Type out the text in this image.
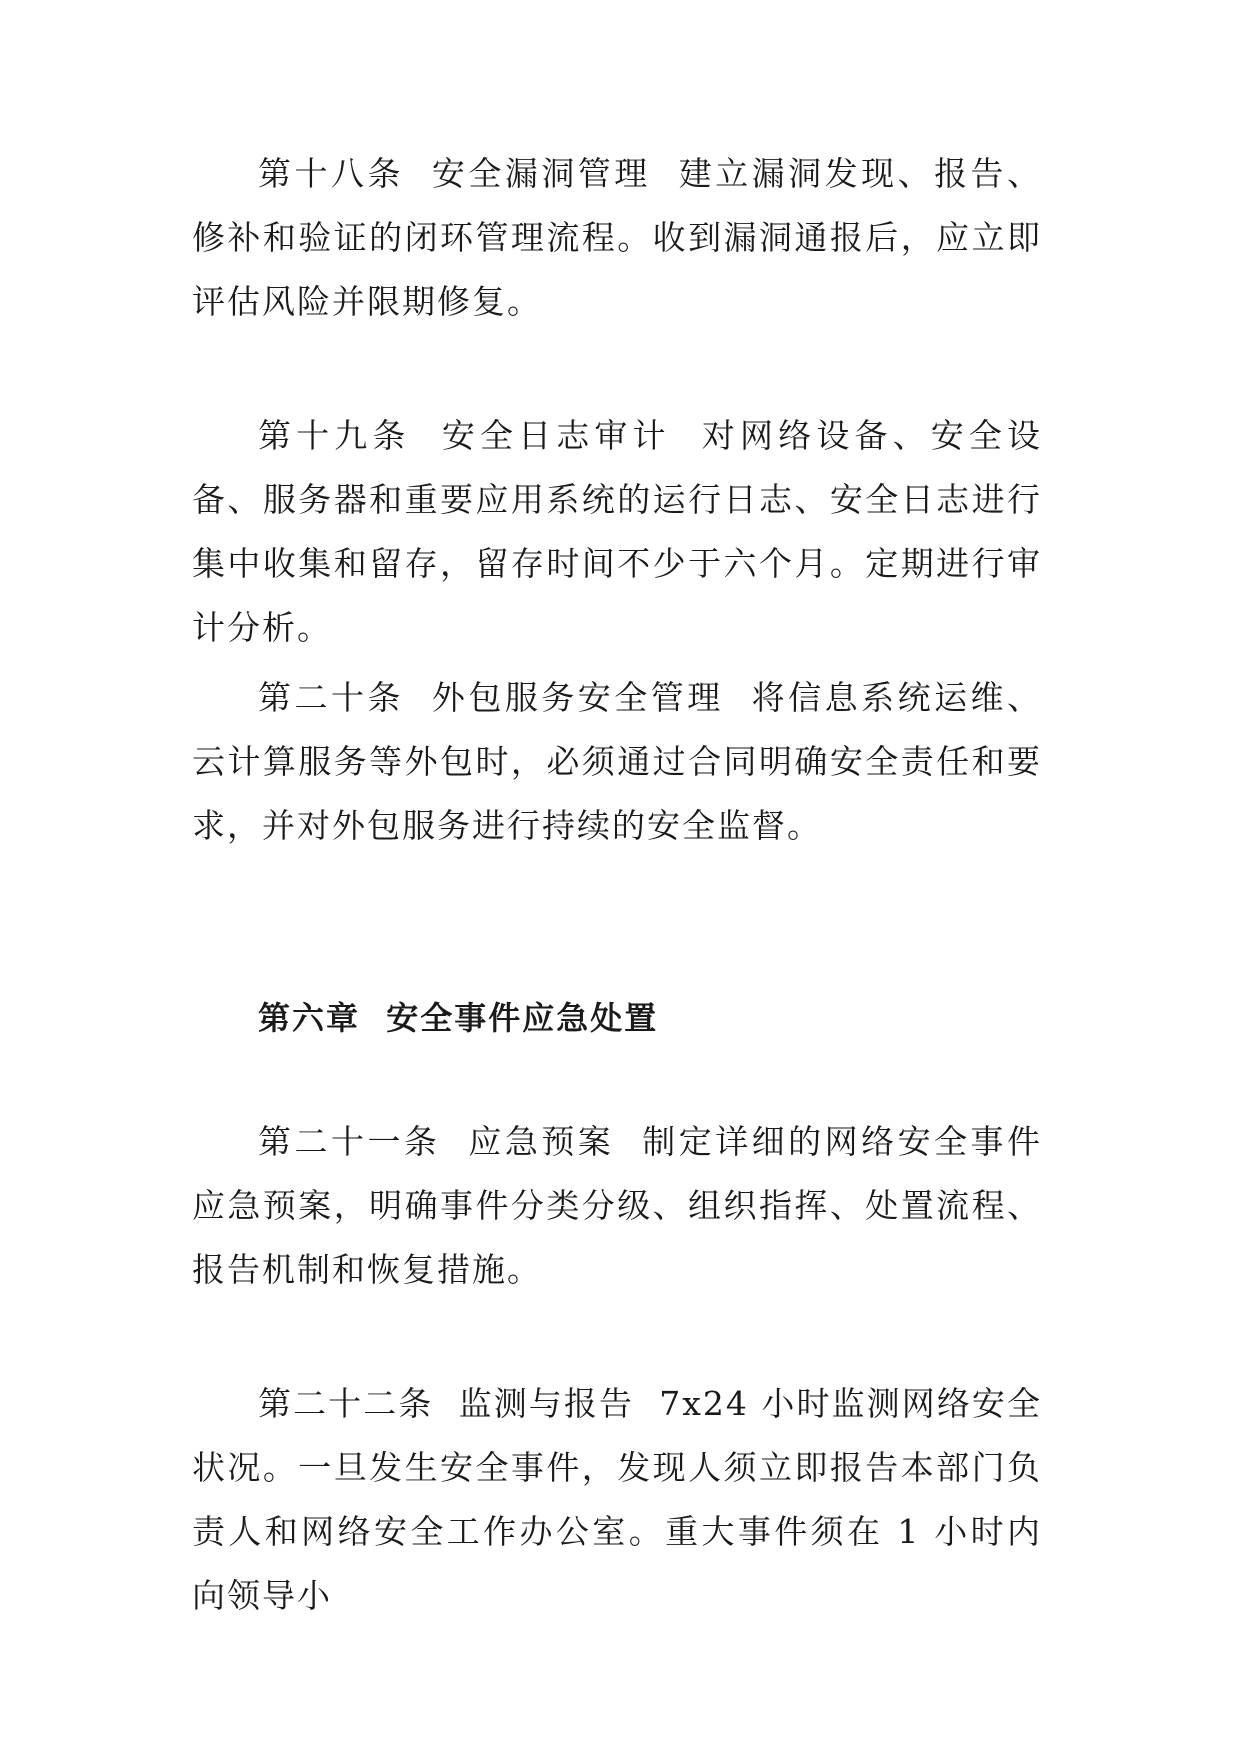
第十八条 安全漏洞管理 建立漏洞发现、报告、修补和验证的闭环管理流程。收到漏洞通报后，应立即评估风险并限期修复。

第十九条 安全日志审计 对网络设备、安全设备、服务器和重要应用系统的运行日志、安全日志进行集中收集和留存，留存时间不少于六个月。定期进行审计分析。

第二十条 外包服务安全管理 将信息系统运维、云计算服务等外包时，必须通过合同明确安全责任和要求，并对外包服务进行持续的安全监督。

第六章 安全事件应急处置

第二十一条 应急预案 制定详细的网络安全事件应急预案，明确事件分类分级、组织指挥、处置流程、报告机制和恢复措施。

第二十二条 监测与报告 7x24 小时监测网络安全状况。一旦发生安全事件，发现人须立即报告本部门负责人和网络安全工作办公室。重大事件须在 1 小时内向领导小
